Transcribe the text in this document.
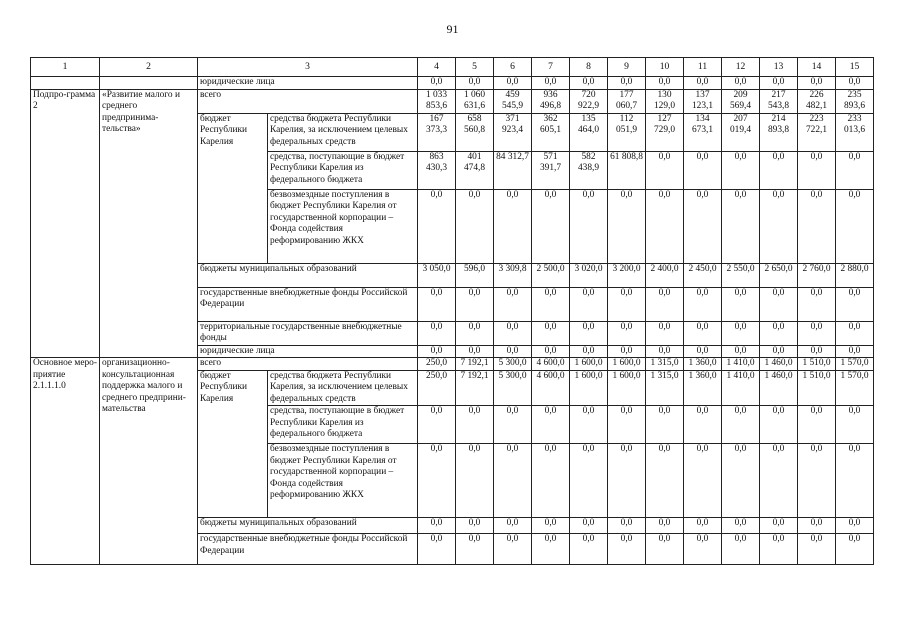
91
1	2	3		4	5	6	7	8	9	10	11	12	13	14	15
		юридические лица		0,0	0,0	0,0	0,0	0,0	0,0	0,0	0,0	0,0	0,0	0,0	0,0
Подпро-грамма 2	«Развитие малого и среднего предпринима-тельства»	всего		1 033 853,6	1 060 631,6	459 545,9	936 496,8	720 922,9	177 060,7	130 129,0	137 123,1	209 569,4	217 543,8	226 482,1	235 893,6
		бюджет Республики Карелия	средства бюджета Республики Карелия, за исключением целевых федеральных средств	167 373,3	658 560,8	371 923,4	362 605,1	135 464,0	112 051,9	127 729,0	134 673,1	207 019,4	214 893,8	223 722,1	233 013,6
			средства, поступающие в бюджет Республики Карелия из федерального бюджета	863 430,3	401 474,8	84 312,7	571 391,7	582 438,9	61 808,8	0,0	0,0	0,0	0,0	0,0	0,0
			безвозмездные поступления в бюджет Республики Карелия от государственной корпорации – Фонда содействия реформированию ЖКХ	0,0	0,0	0,0	0,0	0,0	0,0	0,0	0,0	0,0	0,0	0,0	0,0
		бюджеты муниципальных образований		3 050,0	596,0	3 309,8	2 500,0	3 020,0	3 200,0	2 400,0	2 450,0	2 550,0	2 650,0	2 760,0	2 880,0
		государственные внебюджетные фонды Российской Федерации		0,0	0,0	0,0	0,0	0,0	0,0	0,0	0,0	0,0	0,0	0,0	0,0
		территориальные государственные внебюджетные фонды		0,0	0,0	0,0	0,0	0,0	0,0	0,0	0,0	0,0	0,0	0,0	0,0
		юридические лица		0,0	0,0	0,0	0,0	0,0	0,0	0,0	0,0	0,0	0,0	0,0	0,0
Основное меро-приятие 2.1.1.1.0	организационно-консультационная поддержка малого и среднего предприни-мательства	всего		250,0	7 192,1	5 300,0	4 600,0	1 600,0	1 600,0	1 315,0	1 360,0	1 410,0	1 460,0	1 510,0	1 570,0
		бюджет Республики Карелия	средства бюджета Республики Карелия, за исключением целевых федеральных средств	250,0	7 192,1	5 300,0	4 600,0	1 600,0	1 600,0	1 315,0	1 360,0	1 410,0	1 460,0	1 510,0	1 570,0
			средства, поступающие в бюджет Республики Карелия из федерального бюджета	0,0	0,0	0,0	0,0	0,0	0,0	0,0	0,0	0,0	0,0	0,0	0,0
			безвозмездные поступления в бюджет Республики Карелия от государственной корпорации – Фонда содействия реформированию ЖКХ	0,0	0,0	0,0	0,0	0,0	0,0	0,0	0,0	0,0	0,0	0,0	0,0
		бюджеты муниципальных образований		0,0	0,0	0,0	0,0	0,0	0,0	0,0	0,0	0,0	0,0	0,0	0,0
		государственные внебюджетные фонды Российской Федерации		0,0	0,0	0,0	0,0	0,0	0,0	0,0	0,0	0,0	0,0	0,0	0,0
